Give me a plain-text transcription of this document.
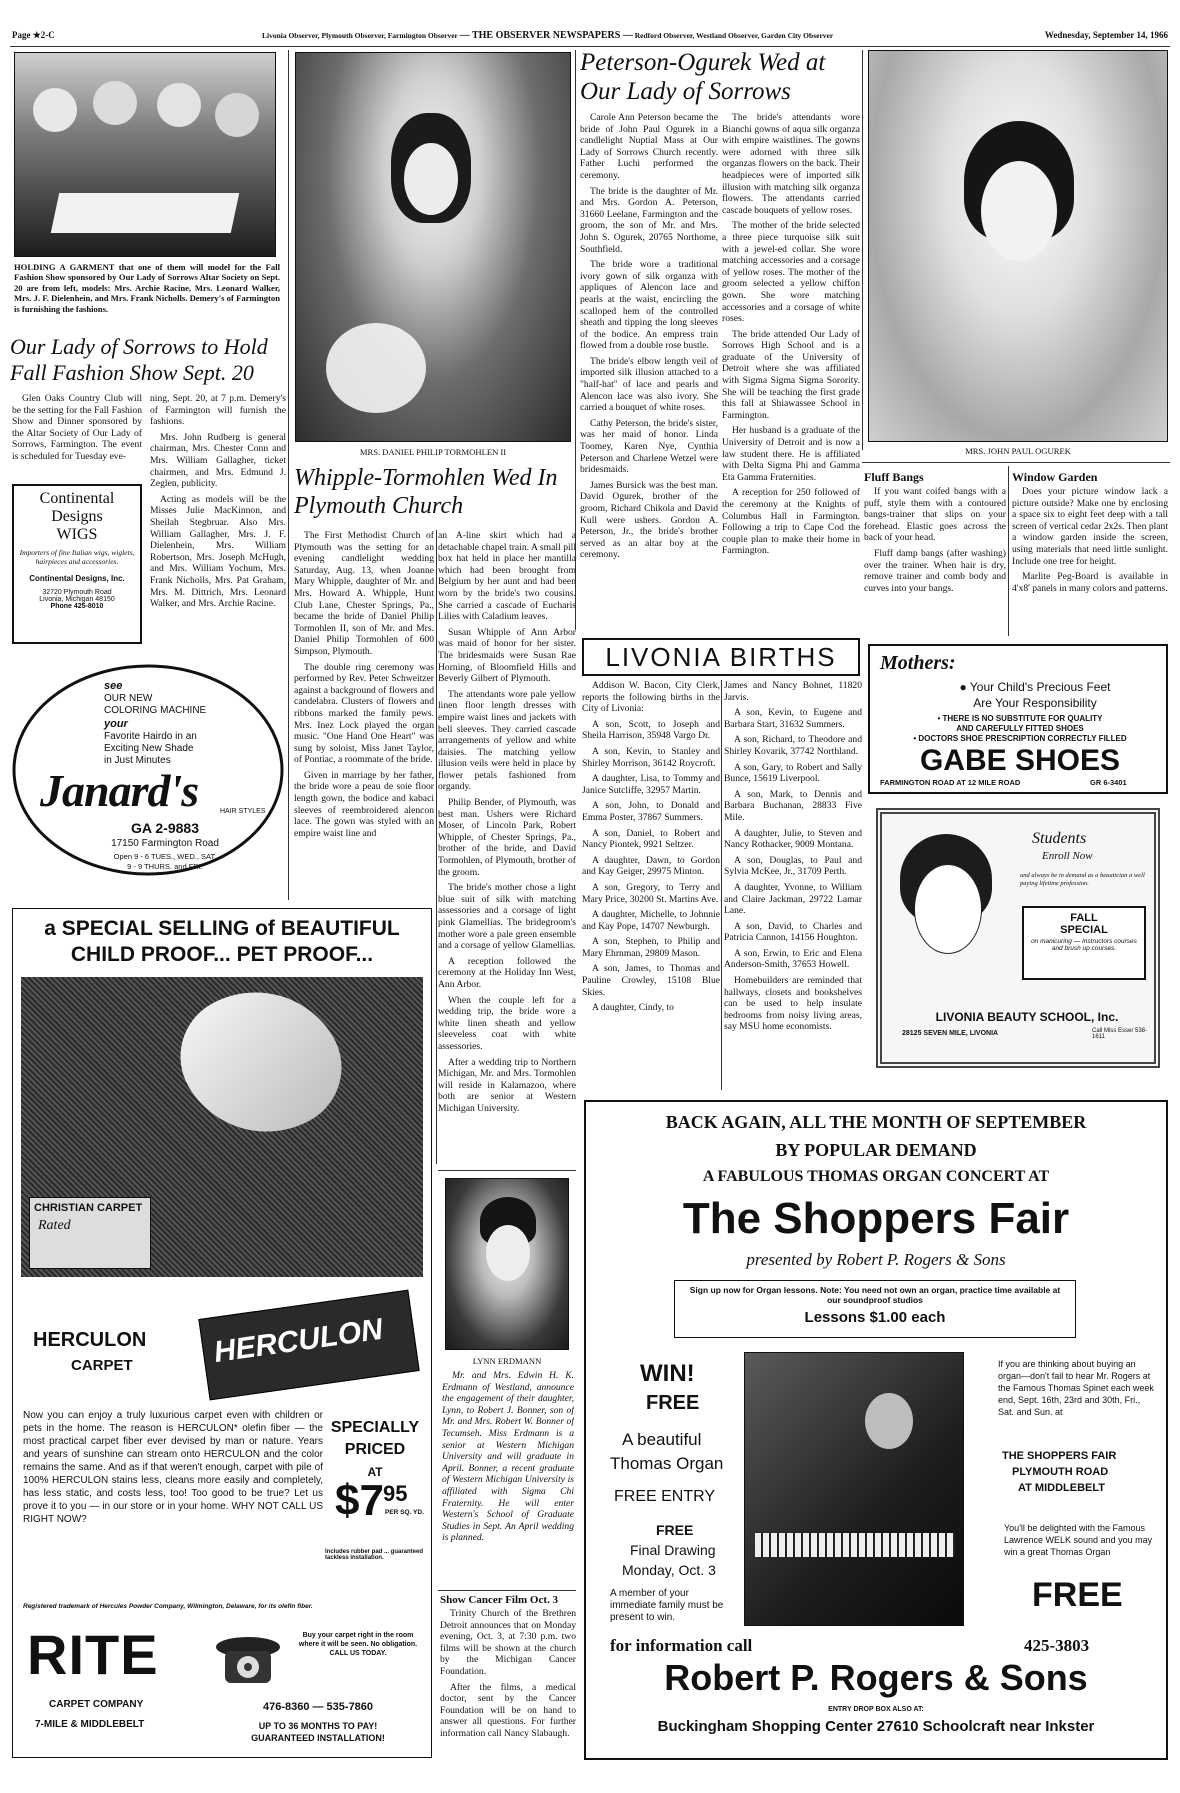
Page ★2-C	Livonia Observer, Plymouth Observer, Farmington Observer — THE OBSERVER NEWSPAPERS — Redford Observer, Westland Observer, Garden City Observer	Wednesday, September 14, 1966
HOLDING A GARMENT that one of them will model for the Fall Fashion Show sponsored by Our Lady of Sorrows Altar Society on Sept. 20 are from left, models: Mrs. Archie Racine, Mrs. Leonard Walker, Mrs. J. F. Dielenhein, and Mrs. Frank Nicholls. Demery's of Farmington is furnishing the fashions.
Our Lady of Sorrows to Hold Fall Fashion Show Sept. 20

Glen Oaks Country Club will be the setting for the Fall Fashion Show and Dinner sponsored by the Altar Society of Our Lady of Sorrows, Farmington. The event is scheduled for Tuesday eve-

ning, Sept. 20, at 7 p.m. Demery's of Farmington will furnish the fashions.

Mrs. John Rudberg is general chairman, Mrs. Chester Conn and Mrs. William Gallagher, ticket chairmen, and Mrs. Edmund J. Zeglen, publicity.

Acting as models will be the Misses Julie MacKinnon, and Sheilah Stegbruar. Also Mrs. William Gallagher, Mrs. J. F. Dielenhein, Mrs. William Robertson, Mrs. Joseph McHugh, and Mrs. William Yochum, Mrs. Frank Nicholls, Mrs. Pat Graham, Mrs. M. Dittrich, Mrs. Leonard Walker, and Mrs. Archie Racine.

Continental
Designs
WIGS
Importers of fine Italian wigs, wiglets, hairpieces and accessories.
Continental Designs, Inc.
32720 Plymouth Road
Livonia, Michigan 48150
Phone 425-8010
see
OUR NEW
COLORING MACHINE
your
Favorite Hairdo in an
Exciting New Shade
in Just Minutes
Janard's	HAIR STYLES
GA 2-9883
17150 Farmington Road
Open 9 - 6 TUES., WED., SAT.
9 - 9 THURS. and FRI.
a SPECIAL SELLING of BEAUTIFUL
CHILD PROOF... PET PROOF...
CHRISTIAN CARPET
Rated
HERCULON
CARPET	HERCULON
Now you can enjoy a truly luxurious carpet even with children or pets in the home. The reason is HERCULON* olefin fiber — the most practical carpet fiber ever devised by man or nature. Years and years of sunshine can stream onto HERCULON and the color remains the same. And as if that weren't enough, carpet with pile of 100% HERCULON stains less, cleans more easily and completely, has less static, and costs less, too! Too good to be true? Let us prove it to you — in our store or in your home. WHY NOT CALL US RIGHT NOW?
Registered trademark of Hercules Powder Company, Wilmington, Delaware, for its olefin fiber.
SPECIALLY
PRICED
AT
$7 95
PER SQ. YD.
Includes rubber pad ... guaranteed tackless installation.
RITE
CARPET COMPANY
7-MILE & MIDDLEBELT
Buy your carpet right in the room where it will be seen. No obligation. CALL US TODAY.
476-8360 — 535-7860
UP TO 36 MONTHS TO PAY!
GUARANTEED INSTALLATION!
MRS. DANIEL PHILIP TORMOHLEN II
Whipple-Tormohlen Wed In Plymouth Church

The First Methodist Church of Plymouth was the setting for an evening candlelight wedding Saturday, Aug. 13, when Joanne Mary Whipple, daughter of Mr. and Mrs. Howard A. Whipple, Hunt Club Lane, Chester Springs, Pa., became the bride of Daniel Philip Tormohlen II, son of Mr. and Mrs. Daniel Philip Tormohlen of 600 Simpson, Plymouth.

The double ring ceremony was performed by Rev. Peter Schweitzer against a background of flowers and candelabra. Clusters of flowers and ribbons marked the family pews. Mrs. Inez Lock played the organ music. "One Hand One Heart" was sung by soloist, Miss Janet Taylor, of Pontiac, a roommate of the bride.

Given in marriage by her father, the bride wore a peau de soie floor length gown, the bodice and kabaci sleeves of reembroidered alencon lace. The gown was styled with an empire waist line and

an A-line skirt which had a detachable chapel train. A small pill box hat held in place her mantilla which had been brought from Belgium by her aunt and had been worn by the bride's two cousins. She carried a cascade of Eucharis Lilies with Caladium leaves.

Susan Whipple of Ann Arbor was maid of honor for her sister. The bridesmaids were Susan Rae Horning, of Bloomfield Hills and Beverly Gilbert of Plymouth.

The attendants wore pale yellow linen floor length dresses with empire waist lines and jackets with bell sleeves. They carried cascade arrangements of yellow and white daisies. The matching yellow illusion veils were held in place by flower petals fashioned from organdy.

Philip Bender, of Plymouth, was best man. Ushers were Richard Moser, of Lincoln Park, Robert Whipple, of Chester Springs, Pa., brother of the bride, and David Tormohlen, of Plymouth, brother of the groom.

The bride's mother chose a light blue suit of silk with matching assessories and a corsage of light pink Glamellias. The bridegroom's mother wore a pale green ensemble and a corsage of yellow Glamellias.

A reception followed the ceremony at the Holiday Inn West, Ann Arbor.

When the couple left for a wedding trip, the bride wore a white linen sheath and yellow sleeveless coat with white assessories.

After a wedding trip to Northern Michigan, Mr. and Mrs. Tormohlen will reside in Kalamazoo, where both are senior at Western Michigan University.

LYNN ERDMANN

Mr. and Mrs. Edwin H. K. Erdmann of Westland, announce the engagement of their daughter, Lynn, to Robert J. Bonner, son of Mr. and Mrs. Robert W. Bonner of Tecumseh. Miss Erdmann is a senior at Western Michigan University and will graduate in April. Bonner, a recent graduate of Western Michigan University is affiliated with Sigma Chi Fraternity. He will enter Western's School of Graduate Studies in Sept. An April wedding is planned.

Show Cancer Film Oct. 3

Trinity Church of the Brethren Detroit announces that on Monday evening, Oct. 3, at 7:30 p.m. two films will be shown at the church by the Michigan Cancer Foundation.

After the films, a medical doctor, sent by the Cancer Foundation will be on hand to answer all questions. For further information call Nancy Slabaugh.

Peterson-Ogurek Wed at Our Lady of Sorrows

Carole Ann Peterson became the bride of John Paul Ogurek in a candlelight Nuptial Mass at Our Lady of Sorrows Church recently. Father Luchi performed the ceremony.

The bride is the daughter of Mr. and Mrs. Gordon A. Peterson, 31660 Leelane, Farmington and the groom, the son of Mr. and Mrs. John S. Ogurek, 20765 Northome, Southfield.

The bride wore a traditional ivory gown of silk organza with appliques of Alencon lace and pearls at the waist, encircling the scalloped hem of the controlled sheath and tipping the long sleeves of the bodice. An empress train flowed from a double rose bustle.

The bride's elbow length veil of imported silk illusion attached to a "half-hat" of lace and pearls and Alencon lace was also ivory. She carried a bouquet of white roses.

Cathy Peterson, the bride's sister, was her maid of honor. Linda Toomey, Karen Nye, Cynthia Peterson and Charlene Wetzel were bridesmaids.

James Bursick was the best man. David Ogurek, brother of the groom, Richard Chikola and David Kull were ushers. Gordon A. Peterson, Jr., the bride's brother served as an altar boy at the ceremony.

The bride's attendants wore Bianchi gowns of aqua silk organza with empire waistlines. The gowns were adorned with three silk organzas flowers on the back. Their headpieces were of imported silk illusion with matching silk organza flowers. The attendants carried cascade bouquets of yellow roses.

The mother of the bride selected a three piece turquoise silk suit with a jewel-ed collar. She wore matching accessories and a corsage of yellow roses. The mother of the groom selected a yellow chiffon gown. She wore matching accessories and a corsage of white roses.

The bride attended Our Lady of Sorrows High School and is a graduate of the University of Detroit where she was affiliated with Sigma Sigma Sigma Sorority. She will be teaching the first grade this fall at Shiawassee School in Farmington.

Her husband is a graduate of the University of Detroit and is now a law student there. He is affiliated with Delta Sigma Phi and Gamma Eta Gamma Fraternities.

A reception for 250 followed of the ceremony at the Knights of Columbus Hall in Farmington. Following a trip to Cape Cod the couple plan to make their home in Farmington.

MRS. JOHN PAUL OGUREK
Fluff Bangs

If you want coifed bangs with a puff, style them with a contoured bangs-trainer that slips on your forehead. Elastic goes across the back of your head.

Fluff damp bangs (after washing) over the trainer. When hair is dry, remove trainer and comb body and curves into your bangs.

Window Garden

Does your picture window lack a picture outside? Make one by enclosing a space six to eight feet deep with a tall screen of vertical cedar 2x2s. Then plant a window garden inside the screen, using materials that need little sunlight. Include one tree for height.

Marlite Peg-Board is available in 4'x8' panels in many colors and patterns.

LIVONIA BIRTHS

Addison W. Bacon, City Clerk, reports the following births in the City of Livonia:

A son, Scott, to Joseph and Sheila Harrison, 35948 Vargo Dr.

A son, Kevin, to Stanley and Shirley Morrison, 36142 Roycroft.

A daughter, Lisa, to Tommy and Janice Sutcliffe, 32957 Martin.

A son, John, to Donald and Emma Poster, 37867 Summers.

A son, Daniel, to Robert and Nancy Piontek, 9921 Seltzer.

A daughter, Dawn, to Gordon and Kay Geiger, 29975 Minton.

A son, Gregory, to Terry and Mary Price, 30200 St. Martins Ave.

A daughter, Michelle, to Johnnie and Kay Pope, 14707 Newburgh.

A son, Stephen, to Philip and Mary Ehrnman, 29809 Mason.

A son, James, to Thomas and Pauline Crowley, 15108 Blue Skies.

A daughter, Cindy, to

James and Nancy Bohnet, 11820 Jarvis.

A son, Kevin, to Eugene and Barbara Start, 31632 Summers.

A son, Richard, to Theodore and Shirley Kovarik, 37742 Northland.

A son, Gary, to Robert and Sally Bunce, 15619 Liverpool.

A son, Mark, to Dennis and Barbara Buchanan, 28833 Five Mile.

A daughter, Julie, to Steven and Nancy Rothacker, 9009 Montana.

A son, Douglas, to Paul and Sylvia McKee, Jr., 31709 Perth.

A daughter, Yvonne, to William and Claire Jackman, 29722 Lamar Lane.

A son, David, to Charles and Patricia Cannon, 14156 Houghton.

A son, Erwin, to Eric and Elena Anderson-Smith, 37653 Howell.

Homebuilders are reminded that hallways, closets and bookshelves can be used to help insulate bedrooms from noisy living areas, say MSU home economists.

Mothers:
● Your Child's Precious Feet
Are Your Responsibility
• THERE IS NO SUBSTITUTE FOR QUALITY
AND CAREFULLY FITTED SHOES
• DOCTORS SHOE PRESCRIPTION CORRECTLY FILLED
GABE SHOES
FARMINGTON ROAD AT 12 MILE ROAD	GR 6-3401
Students
Enroll Now
and always be in demand as a beautician a well paying lifetime profession.
FALL
SPECIAL
on manicuring — Instructors courses and brush up courses.
LIVONIA BEAUTY SCHOOL, Inc.
28125 SEVEN MILE, LIVONIA	Call Miss Esser 538-1611
BACK AGAIN, ALL THE MONTH OF SEPTEMBER
BY POPULAR DEMAND
A FABULOUS THOMAS ORGAN CONCERT AT
The Shoppers Fair
presented by Robert P. Rogers & Sons
Sign up now for Organ lessons. Note: You need not own an organ, practice time available at our soundproof studios
Lessons $1.00 each
WIN!
FREE
A beautiful
Thomas Organ
FREE ENTRY
FREE
Final Drawing
Monday, Oct. 3
A member of your immediate family must be present to win.
If you are thinking about buying an organ—don't fail to hear Mr. Rogers at the Famous Thomas Spinet each week end, Sept. 16th, 23rd and 30th, Fri., Sat. and Sun. at
THE SHOPPERS FAIR
PLYMOUTH ROAD
AT MIDDLEBELT
You'll be delighted with the Famous Lawrence WELK sound and you may win a great Thomas Organ
FREE
for information call	425-3803
Robert P. Rogers & Sons
ENTRY DROP BOX ALSO AT:
Buckingham Shopping Center 27610 Schoolcraft near Inkster
